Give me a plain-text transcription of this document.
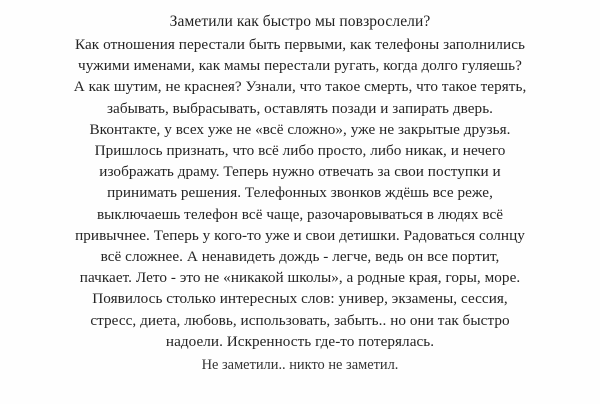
Заметили как быстро мы повзрослели?

Как отношения перестали быть первыми, как телефоны заполнились

чужими именами, как мамы перестали ругать, когда долго гуляешь?

А как шутим, не краснея? Узнали, что такое смерть, что такое терять,

забывать, выбрасывать, оставлять позади и запирать дверь.

Вконтакте, у всех уже не «всё сложно», уже не закрытые друзья.

Пришлось признать, что всё либо просто, либо никак, и нечего

изображать драму. Теперь нужно отвечать за свои поступки и

принимать решения. Телефонных звонков ждёшь все реже,

выключаешь телефон всё чаще, разочаровываться в людях всё

привычнее. Теперь у кого-то уже и свои детишки. Радоваться солнцу

всё сложнее. А ненавидеть дождь - легче, ведь он все портит,

пачкает. Лето - это не «никакой школы», а родные края, горы, море.

Появилось столько интересных слов: универ, экзамены, сессия,

стресс, диета, любовь, использовать, забыть.. но они так быстро

надоели. Искренность где-то потерялась.

Не заметили.. никто не заметил.
